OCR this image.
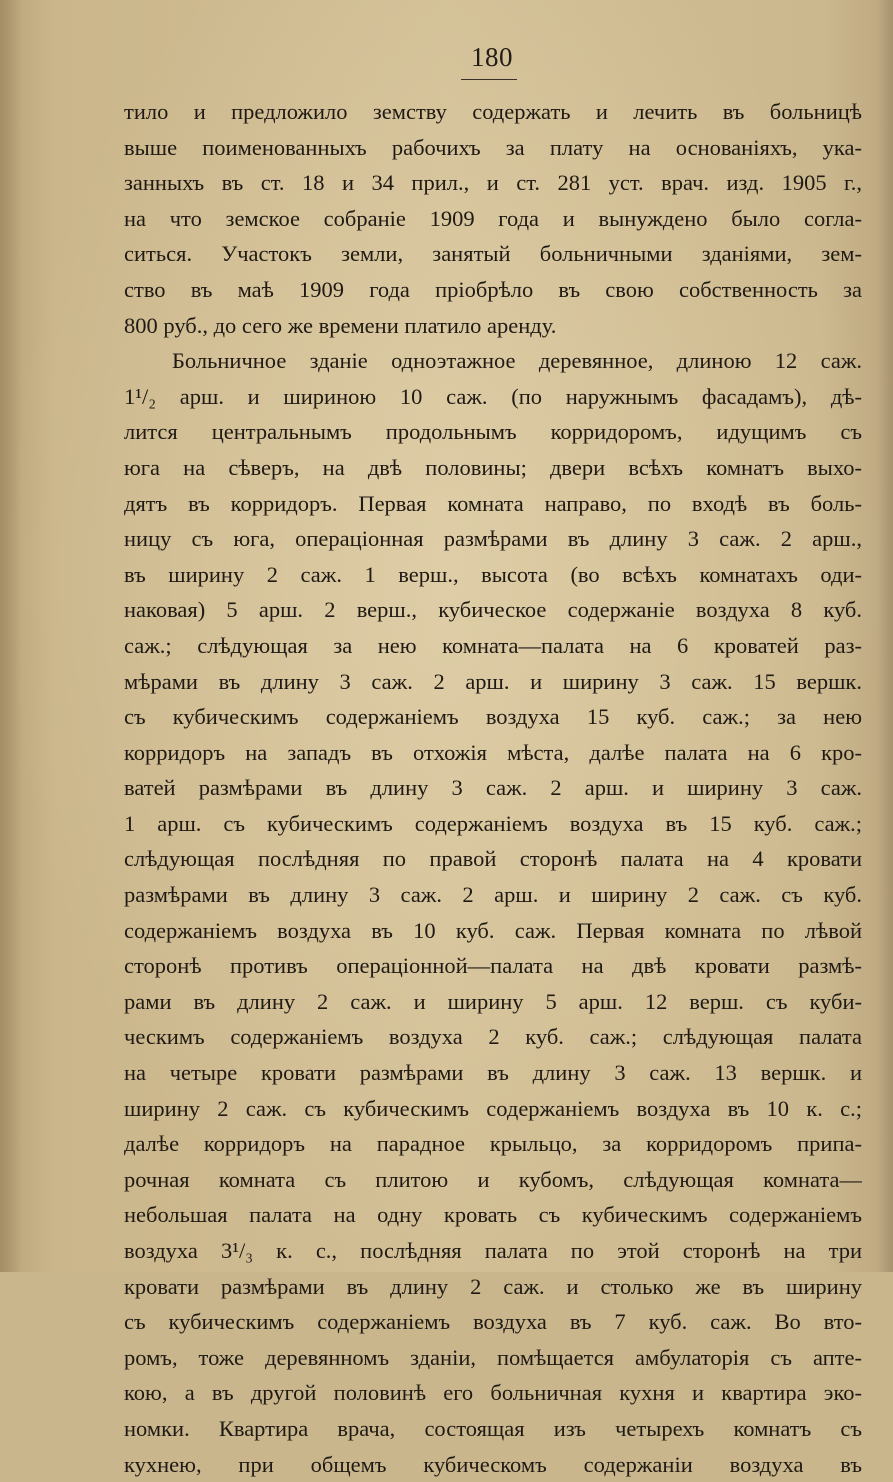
180
тило и предложило земству содержать и лечить въ больницѣ
выше поименованныхъ рабочихъ за плату на основаніяхъ, ука-
занныхъ въ ст. 18 и 34 прил., и ст. 281 уст. врач. изд. 1905 г.,
на что земское собраніе 1909 года и вынуждено было согла-
ситься. Участокъ земли, занятый больничными зданіями, зем-
ство въ маѣ 1909 года пріобрѣло въ свою собственность за
800 руб., до сего же времени платило аренду.
Больничное зданіе одноэтажное деревянное, длиною 12 саж.
1¹/₂ арш. и шириною 10 саж. (по наружнымъ фасадамъ), дѣ-
лится центральнымъ продольнымъ корридоромъ, идущимъ съ
юга на сѣверъ, на двѣ половины; двери всѣхъ комнатъ выхо-
дятъ въ корридоръ. Первая комната направо, по входѣ въ боль-
ницу съ юга, операціонная размѣрами въ длину 3 саж. 2 арш.,
въ ширину 2 саж. 1 верш., высота (во всѣхъ комнатахъ оди-
наковая) 5 арш. 2 верш., кубическое содержаніе воздуха 8 куб.
саж.; слѣдующая за нею комната—палата на 6 кроватей раз-
мѣрами въ длину 3 саж. 2 арш. и ширину 3 саж. 15 вершк.
съ кубическимъ содержаніемъ воздуха 15 куб. саж.; за нею
корридоръ на западъ въ отхожія мѣста, далѣе палата на 6 кро-
ватей размѣрами въ длину 3 саж. 2 арш. и ширину 3 саж.
1 арш. съ кубическимъ содержаніемъ воздуха въ 15 куб. саж.;
слѣдующая послѣдняя по правой сторонѣ палата на 4 кровати
размѣрами въ длину 3 саж. 2 арш. и ширину 2 саж. съ куб.
содержаніемъ воздуха въ 10 куб. саж. Первая комната по лѣвой
сторонѣ противъ операціонной—палата на двѣ кровати размѣ-
рами въ длину 2 саж. и ширину 5 арш. 12 верш. съ куби-
ческимъ содержаніемъ воздуха 2 куб. саж.; слѣдующая палата
на четыре кровати размѣрами въ длину 3 саж. 13 вершк. и
ширину 2 саж. съ кубическимъ содержаніемъ воздуха въ 10 к. с.;
далѣе корридоръ на парадное крыльцо, за корридоромъ припа-
рочная комната съ плитою и кубомъ, слѣдующая комната—
небольшая палата на одну кровать съ кубическимъ содержаніемъ
воздуха 3¹/₃ к. с., послѣдняя палата по этой сторонѣ на три
кровати размѣрами въ длину 2 саж. и столько же въ ширину
съ кубическимъ содержаніемъ воздуха въ 7 куб. саж. Во вто-
ромъ, тоже деревянномъ зданіи, помѣщается амбулаторія съ апте-
кою, а въ другой половинѣ его больничная кухня и квартира эко-
номки. Квартира врача, состоящая изъ четырехъ комнатъ съ
кухнею, при общемъ кубическомъ содержаніи воздуха въ
